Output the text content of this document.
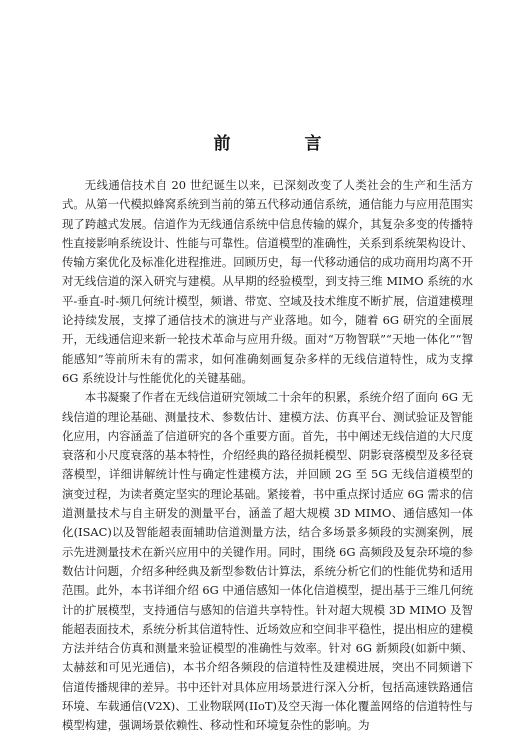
前 言

无线通信技术自 20 世纪诞生以来，已深刻改变了人类社会的生产和生活方式。从第一代模拟蜂窝系统到当前的第五代移动通信系统，通信能力与应用范围实现了跨越式发展。信道作为无线通信系统中信息传输的媒介，其复杂多变的传播特性直接影响系统设计、性能与可靠性。信道模型的准确性，关系到系统架构设计、传输方案优化及标准化进程推进。回顾历史，每一代移动通信的成功商用均离不开对无线信道的深入研究与建模。从早期的经验模型，到支持三维 MIMO 系统的水平-垂直-时-频几何统计模型，频谱、带宽、空域及技术维度不断扩展，信道建模理论持续发展，支撑了通信技术的演进与产业落地。如今，随着 6G 研究的全面展开，无线通信迎来新一轮技术革命与应用升级。面对“万物智联”“天地一体化”“智能感知”等前所未有的需求，如何准确刻画复杂多样的无线信道特性，成为支撑 6G 系统设计与性能优化的关键基础。

本书凝聚了作者在无线信道研究领域二十余年的积累，系统介绍了面向 6G 无线信道的理论基础、测量技术、参数估计、建模方法、仿真平台、测试验证及智能化应用，内容涵盖了信道研究的各个重要方面。首先，书中阐述无线信道的大尺度衰落和小尺度衰落的基本特性，介绍经典的路径损耗模型、阴影衰落模型及多径衰落模型，详细讲解统计性与确定性建模方法，并回顾 2G 至 5G 无线信道模型的演变过程，为读者奠定坚实的理论基础。紧接着，书中重点探讨适应 6G 需求的信道测量技术与自主研发的测量平台，涵盖了超大规模 3D MIMO、通信感知一体化(ISAC)以及智能超表面辅助信道测量方法，结合多场景多频段的实测案例，展示先进测量技术在新兴应用中的关键作用。同时，围绕 6G 高频段及复杂环境的参数估计问题，介绍多种经典及新型参数估计算法，系统分析它们的性能优势和适用范围。此外，本书详细介绍 6G 中通信感知一体化信道模型，提出基于三维几何统计的扩展模型，支持通信与感知的信道共享特性。针对超大规模 3D MIMO 及智能超表面技术，系统分析其信道特性、近场效应和空间非平稳性，提出相应的建模方法并结合仿真和测量来验证模型的准确性与效率。针对 6G 新频段(如新中频、太赫兹和可见光通信)，本书介绍各频段的信道特性及建模进展，突出不同频谱下信道传播规律的差异。书中还针对具体应用场景进行深入分析，包括高速铁路通信环境、车载通信(V2X)、工业物联网(IIoT)及空天海一体化覆盖网络的信道特性与模型构建，强调场景依赖性、移动性和环境复杂性的影响。为
